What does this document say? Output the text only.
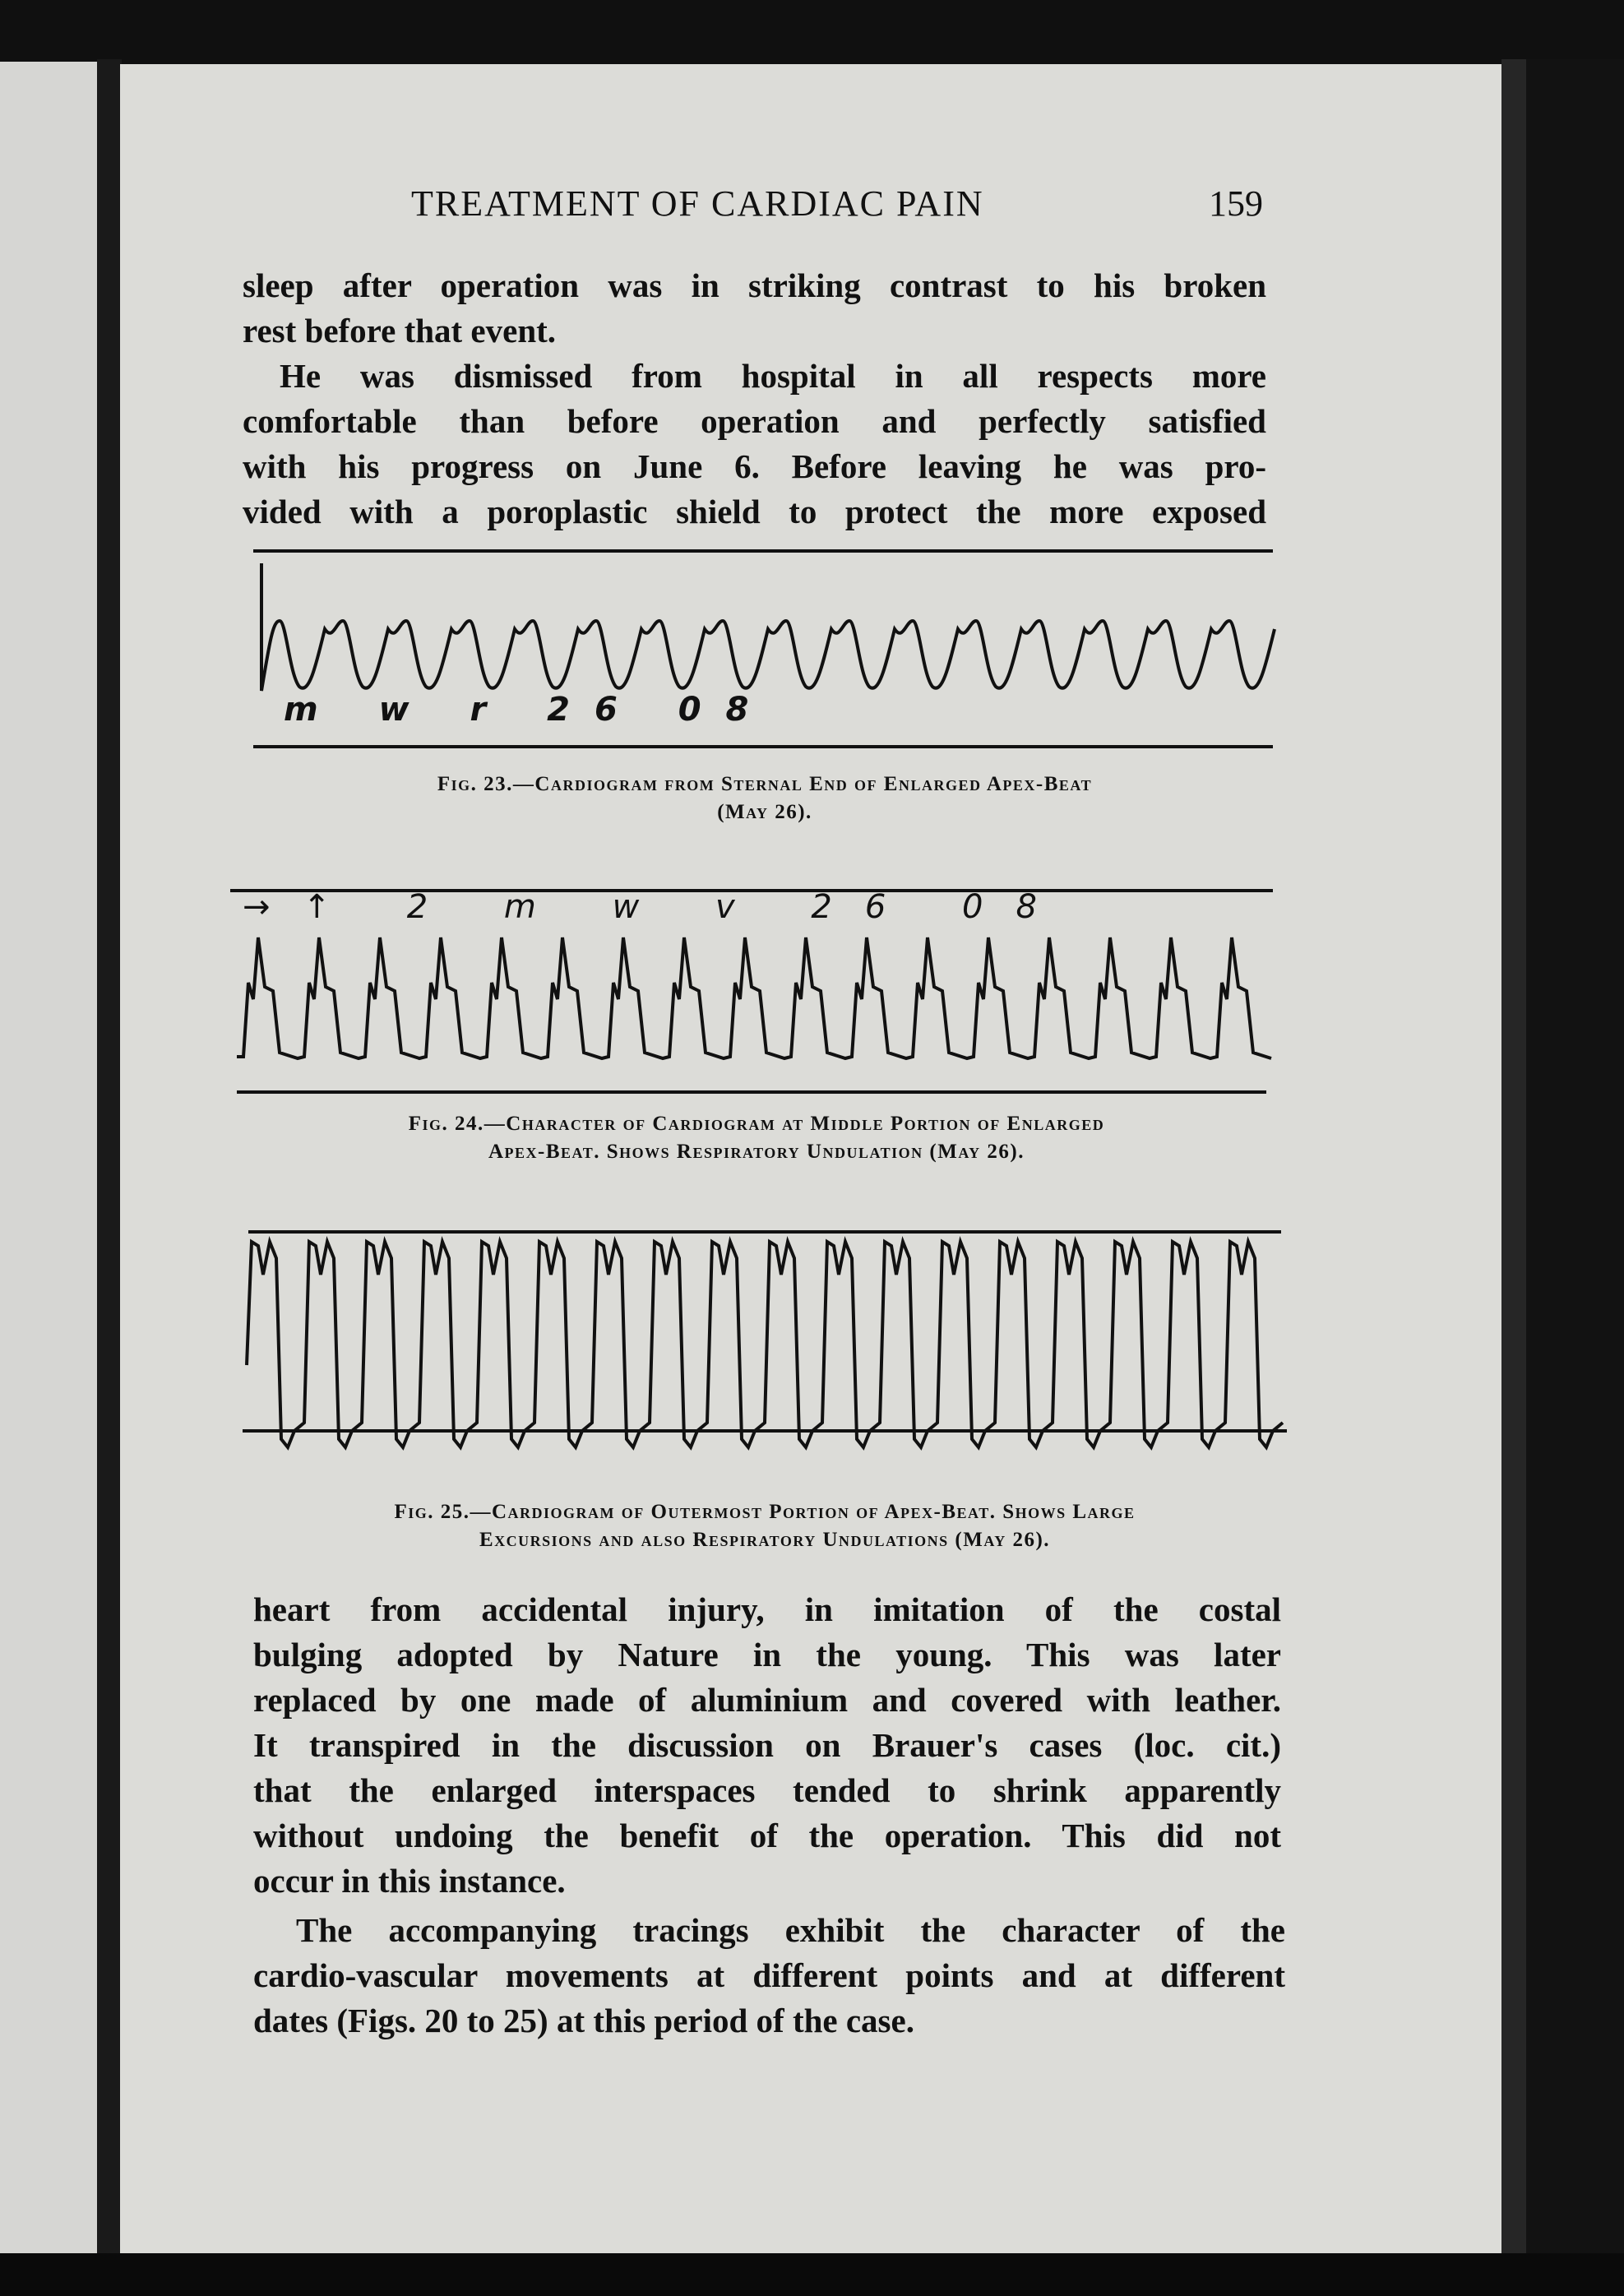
TREATMENT OF CARDIAC PAIN	159
sleep after operation was in striking contrast to his broken
rest before that event.
He was dismissed from hospital in all respects more
comfortable than before operation and perfectly satisfied
with his progress on June 6. Before leaving he was pro-
vided with a poroplastic shield to protect the more exposed
m w r 26 08
Fig. 23.—Cardiogram from Sternal End of Enlarged Apex-Beat
(May 26).
→↑ 2 m w v 26 08
Fig. 24.—Character of Cardiogram at Middle Portion of Enlarged
Apex-Beat. Shows Respiratory Undulation (May 26).
Fig. 25.—Cardiogram of Outermost Portion of Apex-Beat. Shows Large
Excursions and also Respiratory Undulations (May 26).
heart from accidental injury, in imitation of the costal
bulging adopted by Nature in the young. This was later
replaced by one made of aluminium and covered with leather.
It transpired in the discussion on Brauer's cases (loc. cit.)
that the enlarged interspaces tended to shrink apparently
without undoing the benefit of the operation. This did not
occur in this instance.
The accompanying tracings exhibit the character of the
cardio-vascular movements at different points and at different
dates (Figs. 20 to 25) at this period of the case.
